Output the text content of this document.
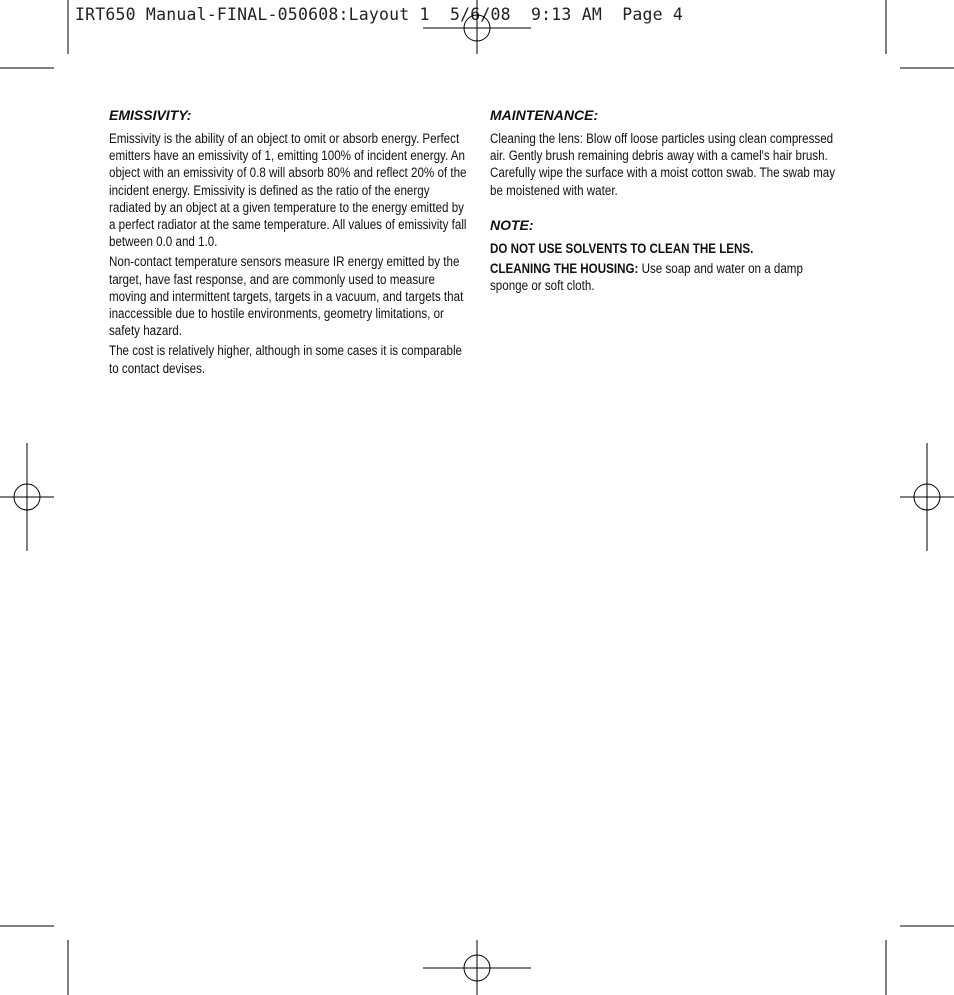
IRT650 Manual-FINAL-050608:Layout 1  5/6/08  9:13 AM  Page 4
EMISSIVITY:

Emissivity is the ability of an object to omit or absorb energy. Perfect emitters have an emissivity of 1, emitting 100% of incident energy. An object with an emissivity of 0.8 will absorb 80% and reflect 20% of the incident energy. Emissivity is defined as the ratio of the energy radiated by an object at a given temperature to the energy emitted by a perfect radiator at the same temperature. All values of emissivity fall between 0.0 and 1.0.

Non-contact temperature sensors measure IR energy emitted by the target, have fast response, and are commonly used to measure moving and intermittent targets, targets in a vacuum, and targets that inaccessible due to hostile environments, geometry limitations, or safety hazard.

The cost is relatively higher, although in some cases it is comparable to contact devises.

MAINTENANCE:

Cleaning the lens: Blow off loose particles using clean compressed air. Gently brush remaining debris away with a camel's hair brush. Carefully wipe the surface with a moist cotton swab. The swab may be moistened with water.

NOTE:

DO NOT USE SOLVENTS TO CLEAN THE LENS.

CLEANING THE HOUSING: Use soap and water on a damp sponge or soft cloth.
